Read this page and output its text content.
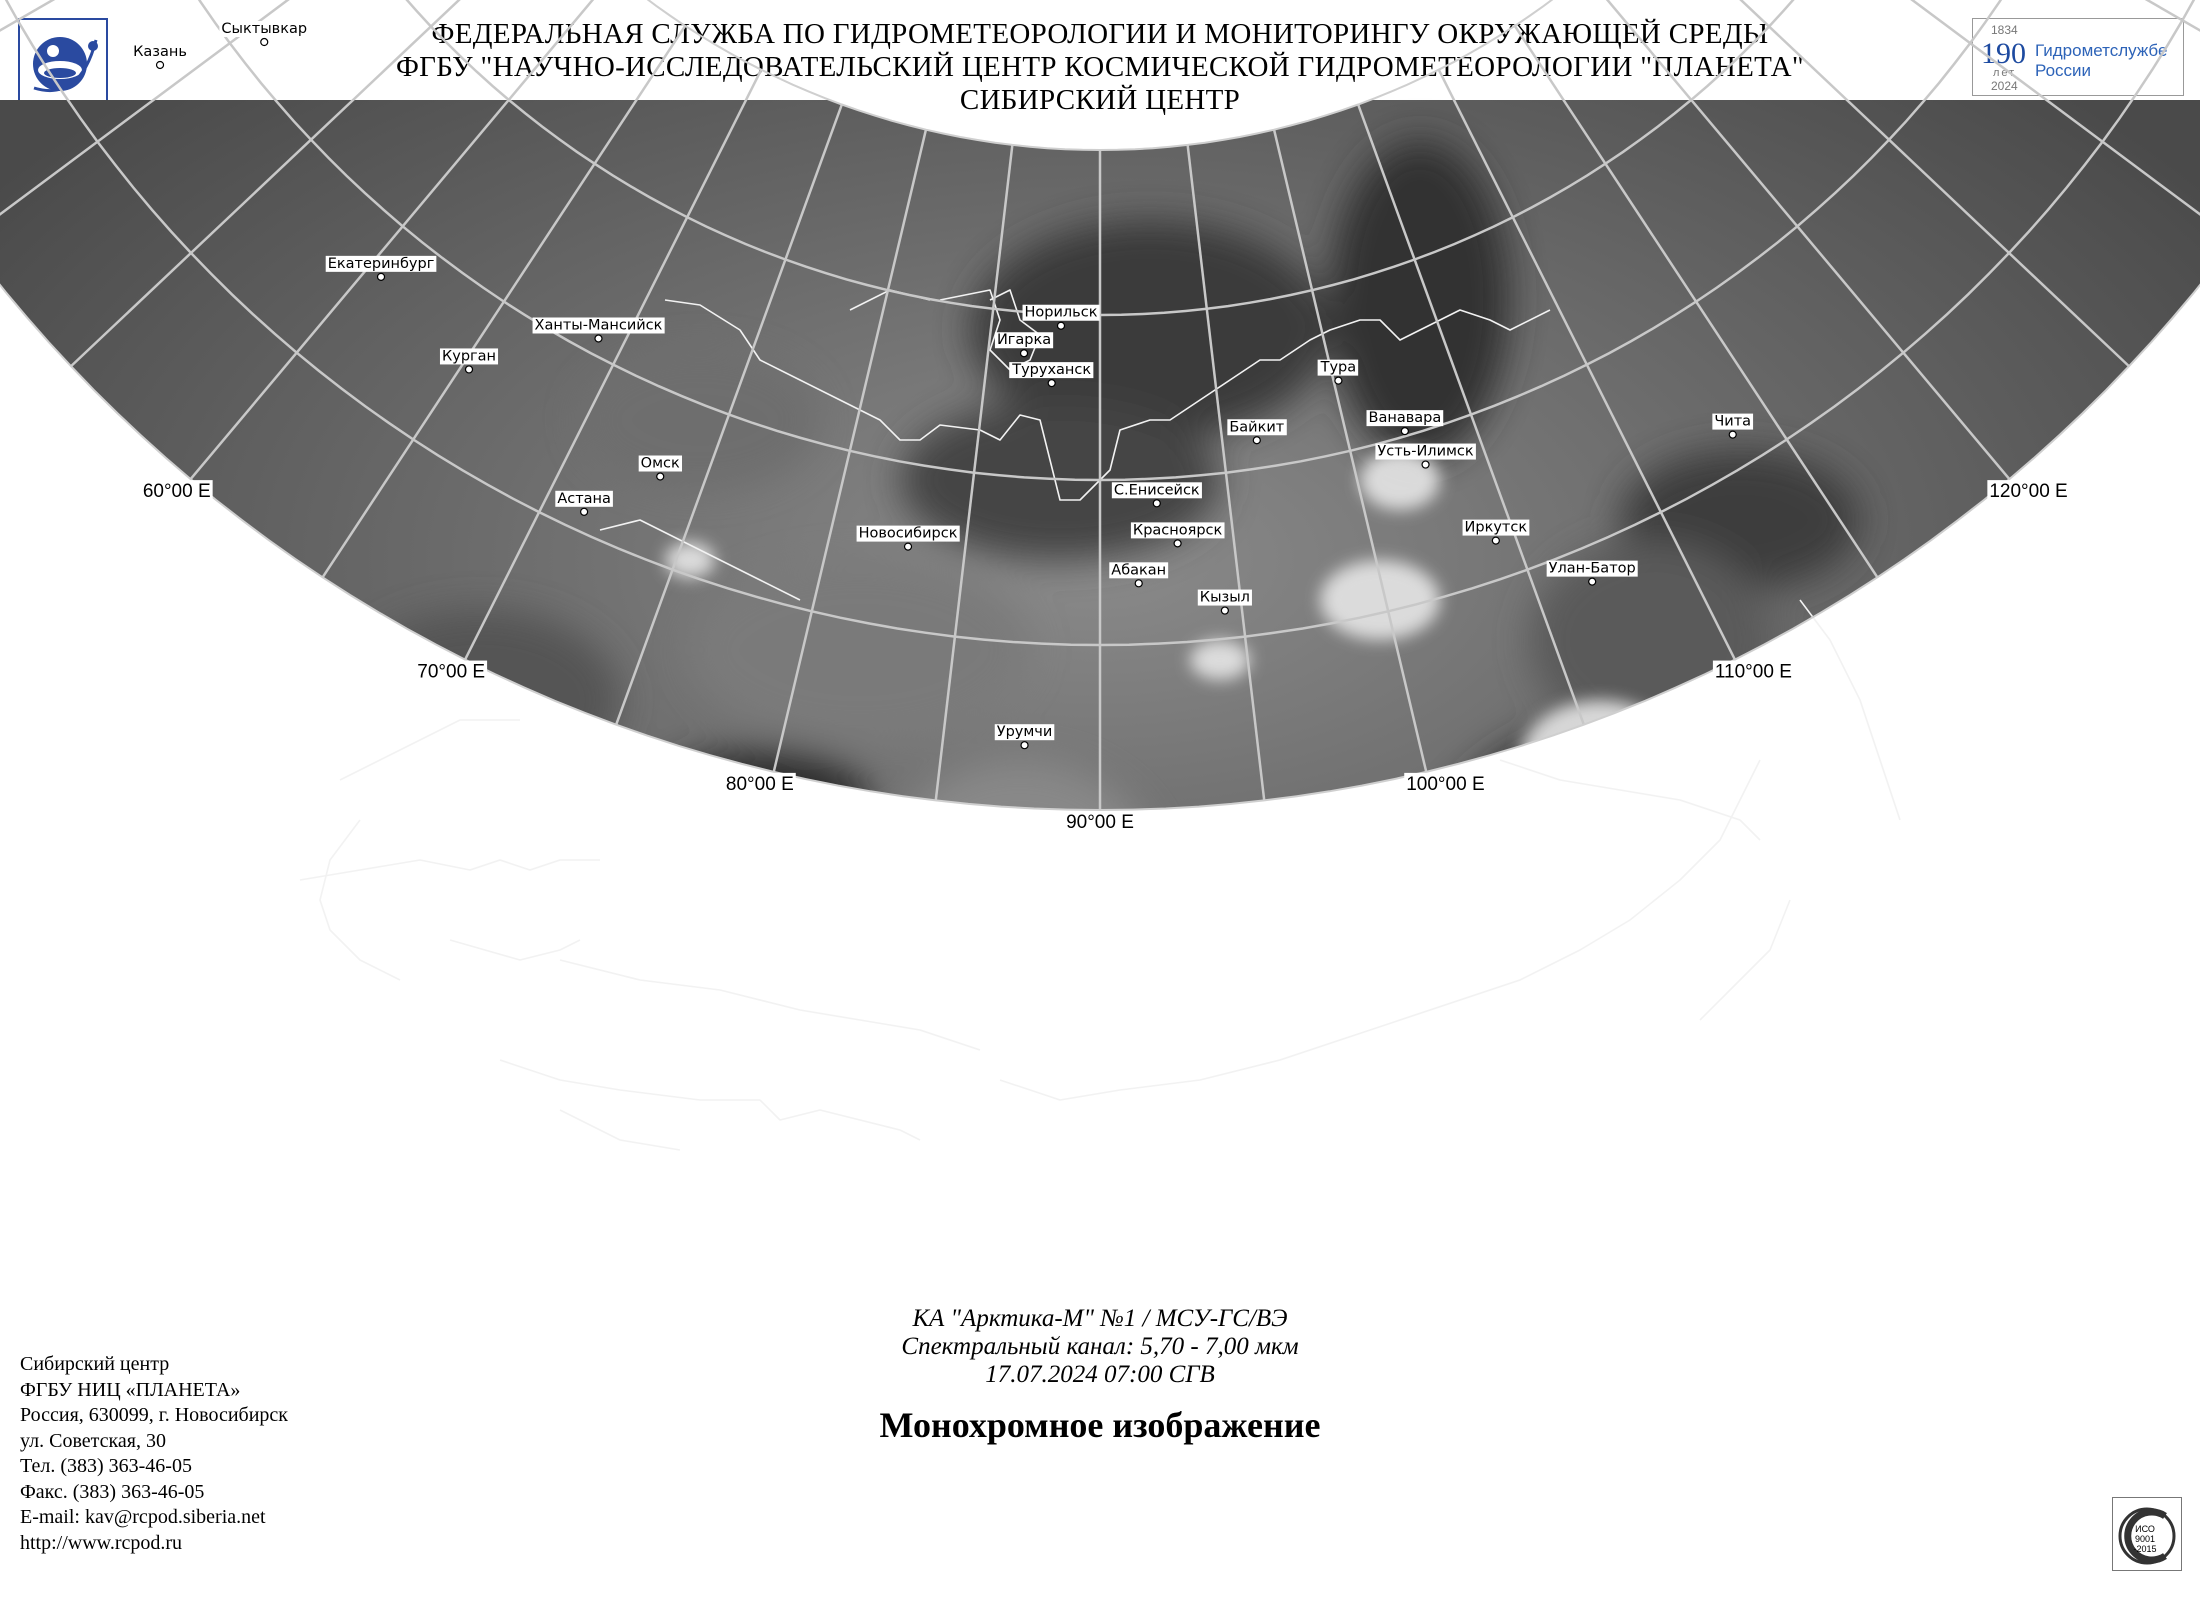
ФЕДЕРАЛЬНАЯ СЛУЖБА ПО ГИДРОМЕТЕОРОЛОГИИ И МОНИТОРИНГУ ОКРУЖАЮЩЕЙ СРЕДЫ
ФГБУ "НАУЧНО-ИССЛЕДОВАТЕЛЬСКИЙ ЦЕНТР КОСМИЧЕСКОЙ ГИДРОМЕТЕОРОЛОГИИ "ПЛАНЕТА"
СИБИРСКИЙ ЦЕНТР
1834
190
лет
Гидрометслужбе
России
2024
60°00 E
70°00 E
80°00 E
90°00 E
100°00 E
110°00 E
120°00 E
Сыктывкар
Казань
Екатеринбург
Ханты-Мансийск
Курган
Омск
Астана
Новосибирск
Норильск
Игарка
Туруханск	Тура
Байкит
Ванавара
С.Енисейск
Усть-Илимск
Красноярск
Абакан
Кызыл
Иркутск
Чита
Улан-Батор
Урумчи
КА "Арктика-М" №1 / МСУ-ГС/ВЭ
Спектральный канал: 5,70 - 7,00 мкм
17.07.2024 07:00 СГВ
Монохромное изображение
Сибирский центр
ФГБУ НИЦ «ПЛАНЕТА»
Россия, 630099, г. Новосибирск
ул. Советская, 30
Тел. (383) 363-46-05
Факс. (383) 363-46-05
E-mail: kav@rcpod.siberia.net
http://www.rcpod.ru
ИСО
9001
-2015
